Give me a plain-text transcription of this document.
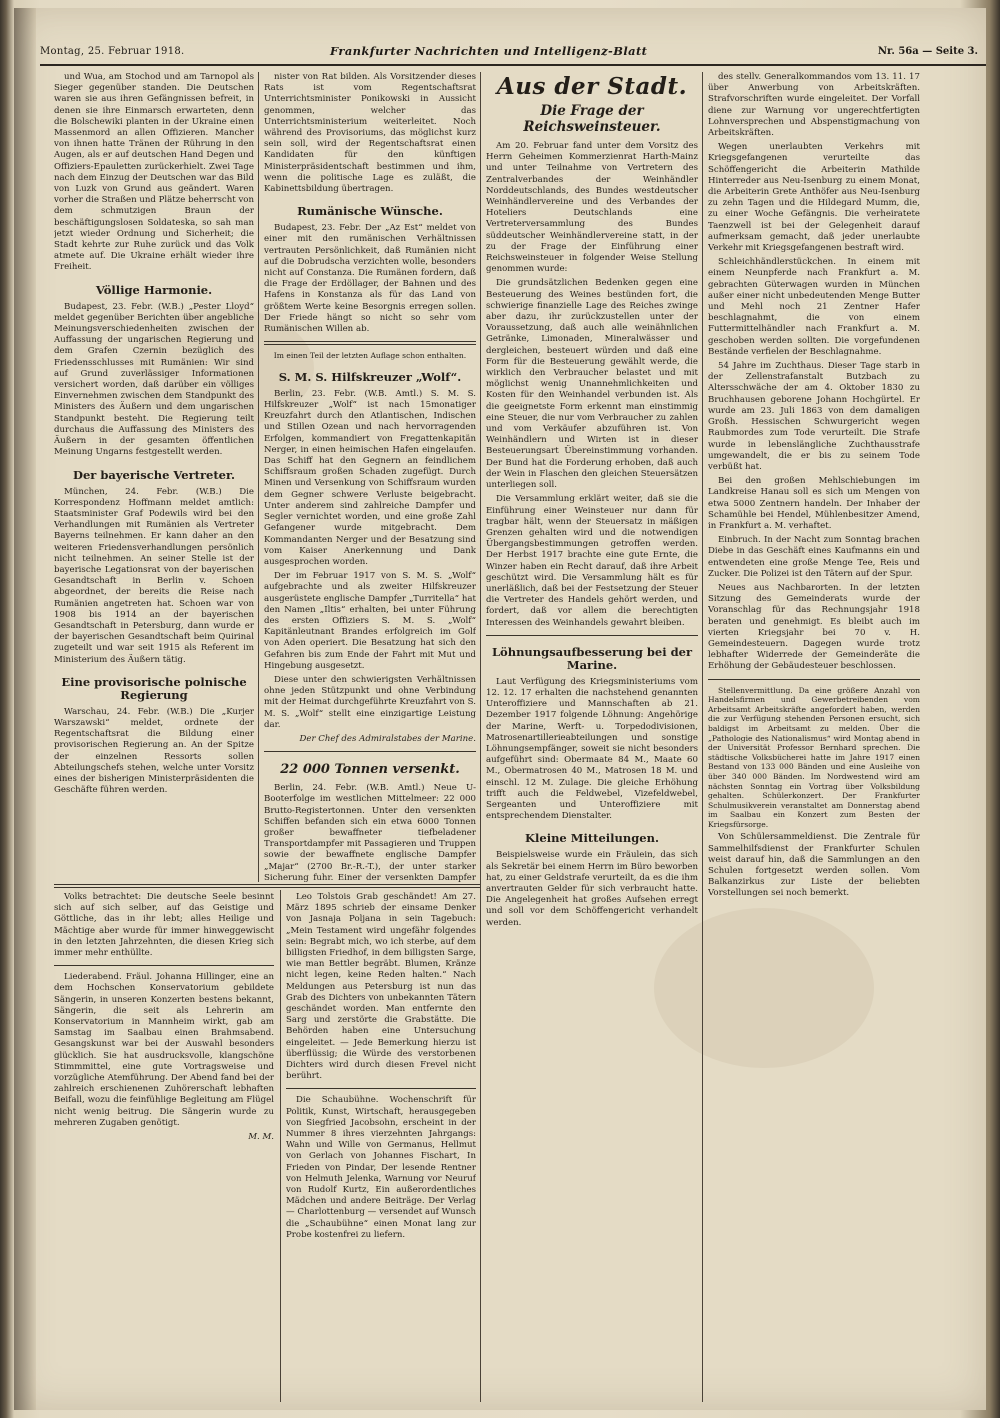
Montag, 25. Februar 1918.	Frankfurter Nachrichten und Intelligenz-Blatt	Nr. 56a — Seite 3.

und Wua, am Stochod und am Tarnopol als Sieger gegenüber standen. Die Deutschen waren sie aus ihren Gefängnissen befreit, in denen sie ihre Einmarsch erwarteten, denn die Bolschewiki planten in der Ukraine einen Massenmord an allen Offizieren. Mancher von ihnen hatte Tränen der Rührung in den Augen, als er auf deutschen Hand Degen und Offiziers-Epauletten zurückerhielt. Zwei Tage nach dem Einzug der Deutschen war das Bild von Luzk von Grund aus geändert. Waren vorher die Straßen und Plätze beherrscht von dem schmutzigen Braun der beschäftigungslosen Soldateska, so sah man jetzt wieder Ordnung und Sicherheit; die Stadt kehrte zur Ruhe zurück und das Volk atmete auf. Die Ukraine erhält wieder ihre Freiheit.

Völlige Harmonie.

Budapest, 23. Febr. (W.B.) „Pester Lloyd“ meldet gegenüber Berichten über angebliche Meinungsverschiedenheiten zwischen der Auffassung der ungarischen Regierung und dem Grafen Czernin bezüglich des Friedensschlusses mit Rumänien: Wir sind auf Grund zuverlässiger Informationen versichert worden, daß darüber ein völliges Einvernehmen zwischen dem Standpunkt des Ministers des Äußern und dem ungarischen Standpunkt besteht. Die Regierung teilt durchaus die Auffassung des Ministers des Äußern in der gesamten öffentlichen Meinung Ungarns festgestellt werden.

Der bayerische Vertreter.

München, 24. Febr. (W.B.) Die Korrespondenz Hoffmann meldet amtlich: Staatsminister Graf Podewils wird bei den Verhandlungen mit Rumänien als Vertreter Bayerns teilnehmen. Er kann daher an den weiteren Friedensverhandlungen persönlich nicht teilnehmen. An seiner Stelle ist der bayerische Legationsrat von der bayerischen Gesandtschaft in Berlin v. Schoen abgeordnet, der bereits die Reise nach Rumänien angetreten hat. Schoen war von 1908 bis 1914 an der bayerischen Gesandtschaft in Petersburg, dann wurde er der bayerischen Gesandtschaft beim Quirinal zugeteilt und war seit 1915 als Referent im Ministerium des Äußern tätig.

Eine provisorische polnische Regierung

Warschau, 24. Febr. (W.B.) Die „Kurjer Warszawski“ meldet, ordnete der Regentschaftsrat die Bildung einer provisorischen Regierung an. An der Spitze der einzelnen Ressorts sollen Abteilungschefs stehen, welche unter Vorsitz eines der bisherigen Ministerpräsidenten die Geschäfte führen werden.

nister von Rat bilden. Als Vorsitzender dieses Rats ist vom Regentschaftsrat Unterrichtsminister Ponikowski in Aussicht genommen, welcher das Unterrichtsministerium weiterleitet. Noch während des Provisoriums, das möglichst kurz sein soll, wird der Regentschaftsrat einen Kandidaten für den künftigen Ministerpräsidentschaft bestimmen und ihm, wenn die politische Lage es zuläßt, die Kabinettsbildung übertragen.

Rumänische Wünsche.

Budapest, 23. Febr. Der „Az Est“ meldet von einer mit den rumänischen Verhältnissen vertrauten Persönlichkeit, daß Rumänien nicht auf die Dobrudscha verzichten wolle, besonders nicht auf Constanza. Die Rumänen fordern, daß die Frage der Erdöllager, der Bahnen und des Hafens in Konstanza als für das Land von größtem Werte keine Besorgnis erregen sollen. Der Friede hängt so nicht so sehr vom Rumänischen Willen ab.

Im einen Teil der letzten Auflage schon enthalten.

S. M. S. Hilfskreuzer „Wolf“.

Berlin, 23. Febr. (W.B. Amtl.) S. M. S. Hilfskreuzer „Wolf“ ist nach 15monatiger Kreuzfahrt durch den Atlantischen, Indischen und Stillen Ozean und nach hervorragenden Erfolgen, kommandiert von Fregattenkapitän Nerger, in einen heimischen Hafen eingelaufen. Das Schiff hat den Gegnern an feindlichem Schiffsraum großen Schaden zugefügt. Durch Minen und Versenkung von Schiffsraum wurden dem Gegner schwere Verluste beigebracht. Unter anderem sind zahlreiche Dampfer und Segler vernichtet worden, und eine große Zahl Gefangener wurde mitgebracht. Dem Kommandanten Nerger und der Besatzung sind vom Kaiser Anerkennung und Dank ausgesprochen worden.

Der im Februar 1917 von S. M. S. „Wolf“ aufgebrachte und als zweiter Hilfskreuzer ausgerüstete englische Dampfer „Turritella“ hat den Namen „Iltis“ erhalten, bei unter Führung des ersten Offiziers S. M. S. „Wolf“ Kapitänleutnant Brandes erfolgreich im Golf von Aden operiert. Die Besatzung hat sich den Gefahren bis zum Ende der Fahrt mit Mut und Hingebung ausgesetzt.

Diese unter den schwierigsten Verhältnissen ohne jeden Stützpunkt und ohne Verbindung mit der Heimat durchgeführte Kreuzfahrt von S. M. S. „Wolf“ stellt eine einzigartige Leistung dar.

Der Chef des Admiralstabes der Marine.

22 000 Tonnen versenkt.

Berlin, 24. Febr. (W.B. Amtl.) Neue U-Booterfolge im westlichen Mittelmeer: 22 000 Brutto-Registertonnen. Unter den versenkten Schiffen befanden sich ein etwa 6000 Tonnen großer bewaffneter tiefbeladener Transportdampfer mit Passagieren und Truppen sowie der bewaffnete englische Dampfer „Majar“ (2700 Br.-R.-T.), der unter starker Sicherung fuhr. Einer der versenkten Dampfer

Aus der Stadt.
Die Frage der Reichsweinsteuer.

Am 20. Februar fand unter dem Vorsitz des Herrn Geheimen Kommerzienrat Harth-Mainz und unter Teilnahme von Vertretern des Zentralverbandes der Weinhändler Norddeutschlands, des Bundes westdeutscher Weinhändlervereine und des Verbandes der Hoteliers Deutschlands eine Vertreterversammlung des Bundes süddeutscher Weinhändlervereine statt, in der zu der Frage der Einführung einer Reichsweinsteuer in folgender Weise Stellung genommen wurde:

Die grundsätzlichen Bedenken gegen eine Besteuerung des Weines bestünden fort, die schwierige finanzielle Lage des Reiches zwinge aber dazu, ihr zurückzustellen unter der Voraussetzung, daß auch alle weinähnlichen Getränke, Limonaden, Mineralwässer und dergleichen, besteuert würden und daß eine Form für die Besteuerung gewählt werde, die wirklich den Verbraucher belastet und mit möglichst wenig Unannehmlichkeiten und Kosten für den Weinhandel verbunden ist. Als die geeignetste Form erkennt man einstimmig eine Steuer, die nur vom Verbraucher zu zahlen und vom Verkäufer abzuführen ist. Von Weinhändlern und Wirten ist in dieser Besteuerungsart Übereinstimmung vorhanden. Der Bund hat die Forderung erhoben, daß auch der Wein in Flaschen den gleichen Steuersätzen unterliegen soll.

Die Versammlung erklärt weiter, daß sie die Einführung einer Weinsteuer nur dann für tragbar hält, wenn der Steuersatz in mäßigen Grenzen gehalten wird und die notwendigen Übergangsbestimmungen getroffen werden. Der Herbst 1917 brachte eine gute Ernte, die Winzer haben ein Recht darauf, daß ihre Arbeit geschützt wird. Die Versammlung hält es für unerläßlich, daß bei der Festsetzung der Steuer die Vertreter des Handels gehört werden, und fordert, daß vor allem die berechtigten Interessen des Weinhandels gewahrt bleiben.

Löhnungsaufbesserung bei der Marine.

Laut Verfügung des Kriegsministeriums vom 12. 12. 17 erhalten die nachstehend genannten Unteroffiziere und Mannschaften ab 21. Dezember 1917 folgende Löhnung: Angehörige der Marine, Werft- u. Torpedodivisionen, Matrosenartillerieabteilungen und sonstige Löhnungsempfänger, soweit sie nicht besonders aufgeführt sind: Obermaate 84 M., Maate 60 M., Obermatrosen 40 M., Matrosen 18 M. und einschl. 12 M. Zulage. Die gleiche Erhöhung trifft auch die Feldwebel, Vizefeldwebel, Sergeanten und Unteroffiziere mit entsprechendem Dienstalter.

Kleine Mitteilungen.

Beispielsweise wurde ein Fräulein, das sich als Sekretär bei einem Herrn im Büro beworben hat, zu einer Geldstrafe verurteilt, da es die ihm anvertrauten Gelder für sich verbraucht hatte. Die Angelegenheit hat großes Aufsehen erregt und soll vor dem Schöffengericht verhandelt werden.

des stellv. Generalkommandos vom 13. 11. 17 über Anwerbung von Arbeitskräften. Strafvorschriften wurde eingeleitet. Der Vorfall diene zur Warnung vor ungerechtfertigten Lohnversprechen und Abspenstigmachung von Arbeitskräften.

Wegen unerlaubten Verkehrs mit Kriegsgefangenen verurteilte das Schöffengericht die Arbeiterin Mathilde Hinterreder aus Neu-Isenburg zu einem Monat, die Arbeiterin Grete Anthöfer aus Neu-Isenburg zu zehn Tagen und die Hildegard Mumm, die, zu einer Woche Gefängnis. Die verheiratete Taenzwell ist bei der Gelegenheit darauf aufmerksam gemacht, daß jeder unerlaubte Verkehr mit Kriegsgefangenen bestraft wird.

Schleichhändlerstückchen. In einem mit einem Neunpferde nach Frankfurt a. M. gebrachten Güterwagen wurden in München außer einer nicht unbedeutenden Menge Butter und Mehl noch 21 Zentner Hafer beschlagnahmt, die von einem Futtermittelhändler nach Frankfurt a. M. geschoben werden sollten. Die vorgefundenen Bestände verfielen der Beschlagnahme.

54 Jahre im Zuchthaus. Dieser Tage starb in der Zellenstrafanstalt Butzbach zu Altersschwäche der am 4. Oktober 1830 zu Bruchhausen geborene Johann Hochgürtel. Er wurde am 23. Juli 1863 von dem damaligen Großh. Hessischen Schwurgericht wegen Raubmordes zum Tode verurteilt. Die Strafe wurde in lebenslängliche Zuchthausstrafe umgewandelt, die er bis zu seinem Tode verbüßt hat.

Bei den großen Mehlschiebungen im Landkreise Hanau soll es sich um Mengen von etwa 5000 Zentnern handeln. Der Inhaber der Schamühle bei Hendel, Mühlenbesitzer Amend, in Frankfurt a. M. verhaftet.

Einbruch. In der Nacht zum Sonntag brachen Diebe in das Geschäft eines Kaufmanns ein und entwendeten eine große Menge Tee, Reis und Zucker. Die Polizei ist den Tätern auf der Spur.

Neues aus Nachbarorten. In der letzten Sitzung des Gemeinderats wurde der Voranschlag für das Rechnungsjahr 1918 beraten und genehmigt. Es bleibt auch im vierten Kriegsjahr bei 70 v. H. Gemeindesteuern. Dagegen wurde trotz lebhafter Widerrede der Gemeinderäte die Erhöhung der Gebäudesteuer beschlossen.

Stellenvermittlung. Da eine größere Anzahl von Handelsfirmen und Gewerbetreibenden vom Arbeitsamt Arbeitskräfte angefordert haben, werden die zur Verfügung stehenden Personen ersucht, sich baldigst im Arbeitsamt zu melden. Über die „Pathologie des Nationalismus“ wird Montag abend in der Universität Professor Bernhard sprechen. Die städtische Volksbücherei hatte im Jahre 1917 einen Bestand von 133 000 Bänden und eine Ausleihe von über 340 000 Bänden. Im Nordwestend wird am nächsten Sonntag ein Vortrag über Volksbildung gehalten. Schülerkonzert. Der Frankfurter Schulmusikverein veranstaltet am Donnerstag abend im Saalbau ein Konzert zum Besten der Kriegsfürsorge.

Von Schülersammeldienst. Die Zentrale für Sammelhilfsdienst der Frankfurter Schulen weist darauf hin, daß die Sammlungen an den Schulen fortgesetzt werden sollen. Vom Balkanzirkus zur Liste der beliebten Vorstellungen sei noch bemerkt.

Volks betrachtet: Die deutsche Seele besinnt sich auf sich selber, auf das Geistige und Göttliche, das in ihr lebt; alles Heilige und Mächtige aber wurde für immer hinweggewischt in den letzten Jahrzehnten, die diesen Krieg sich immer mehr enthüllte.

Liederabend. Fräul. Johanna Hillinger, eine an dem Hochschen Konservatorium gebildete Sängerin, in unseren Konzerten bestens bekannt, Sängerin, die seit als Lehrerin am Konservatorium in Mannheim wirkt, gab am Samstag im Saalbau einen Brahmsabend. Gesangskunst war bei der Auswahl besonders glücklich. Sie hat ausdrucksvolle, klangschöne Stimmmittel, eine gute Vortragsweise und vorzügliche Atemführung. Der Abend fand bei der zahlreich erschienenen Zuhörerschaft lebhaften Beifall, wozu die feinfühlige Begleitung am Flügel nicht wenig beitrug. Die Sängerin wurde zu mehreren Zugaben genötigt.

M. M.

Leo Tolstois Grab geschändet! Am 27. März 1895 schrieb der einsame Denker von Jasnaja Poljana in sein Tagebuch: „Mein Testament wird ungefähr folgendes sein: Begrabt mich, wo ich sterbe, auf dem billigsten Friedhof, in dem billigsten Sarge, wie man Bettler begräbt. Blumen, Kränze nicht legen, keine Reden halten.“ Nach Meldungen aus Petersburg ist nun das Grab des Dichters von unbekannten Tätern geschändet worden. Man entfernte den Sarg und zerstörte die Grabstätte. Die Behörden haben eine Untersuchung eingeleitet. — Jede Bemerkung hierzu ist überflüssig; die Würde des verstorbenen Dichters wird durch diesen Frevel nicht berührt.

Die Schaubühne. Wochenschrift für Politik, Kunst, Wirtschaft, herausgegeben von Siegfried Jacobsohn, erscheint in der Nummer 8 ihres vierzehnten Jahrgangs: Wahn und Wille von Germanus, Hellmut von Gerlach von Johannes Fischart, In Frieden von Pindar, Der lesende Rentner von Helmuth Jelenka, Warnung vor Neuruf von Rudolf Kurtz, Ein außerordentliches Mädchen und andere Beiträge. Der Verlag — Charlottenburg — versendet auf Wunsch die „Schaubühne“ einen Monat lang zur Probe kostenfrei zu liefern.
